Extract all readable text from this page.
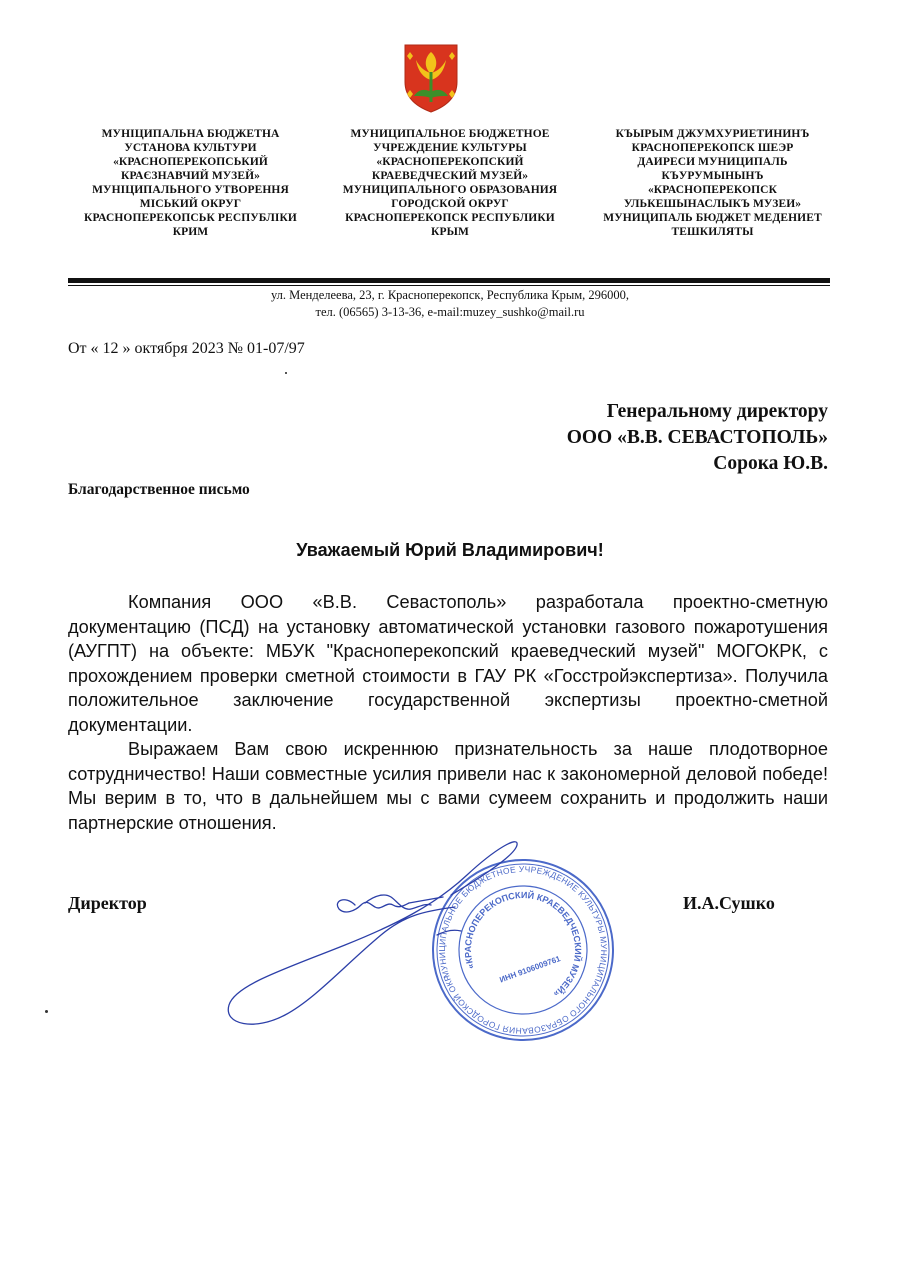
МУНІЦИПАЛЬНА БЮДЖЕТНА
УСТАНОВА КУЛЬТУРИ
«КРАСНОПЕРЕКОПСЬКИЙ
КРАЄЗНАВЧИЙ МУЗЕЙ»
МУНІЦИПАЛЬНОГО УТВОРЕННЯ
МІСЬКИЙ ОКРУГ
КРАСНОПЕРЕКОПСЬК РЕСПУБЛІКИ
КРИМ
МУНИЦИПАЛЬНОЕ БЮДЖЕТНОЕ
УЧРЕЖДЕНИЕ КУЛЬТУРЫ
«КРАСНОПЕРЕКОПСКИЙ
КРАЕВЕДЧЕСКИЙ МУЗЕЙ»
МУНИЦИПАЛЬНОГО ОБРАЗОВАНИЯ
ГОРОДСКОЙ ОКРУГ
КРАСНОПЕРЕКОПСК РЕСПУБЛИКИ
КРЫМ
КЪЫРЫМ ДЖУМХУРИЕТИНИНЪ
КРАСНОПЕРЕКОПСК ШЕЭР
ДАИРЕСИ МУНИЦИПАЛЬ
КЪУРУМЫНЫНЪ
«КРАСНОПЕРЕКОПСК
УЛЬКЕШЫНАСЛЫКЪ МУЗЕИ»
МУНИЦИПАЛЬ БЮДЖЕТ МЕДЕНИЕТ
ТЕШКИЛЯТЫ
ул. Менделеева, 23, г. Красноперекопск, Республика Крым, 296000,
тел. (06565) 3-13-36, e-mail:muzey_sushko@mail.ru
От « 12 » октября 2023 № 01-07/97
Генеральному директору
ООО «В.В. СЕВАСТОПОЛЬ»
Сорока Ю.В.
Благодарственное письмо
Уважаемый Юрий Владимирович!

Компания ООО «В.В. Севастополь» разработала проектно-сметную документацию (ПСД) на установку автоматической установки газового пожаротушения (АУГПТ) на объекте: МБУК "Красноперекопский краеведческий музей" МОГОКРК, с прохождением проверки сметной стоимости в ГАУ РК «Госстройэкспертиза». Получила положительное заключение государственной экспертизы проектно-сметной документации.

Выражаем Вам свою искреннюю признательность за наше плодотворное сотрудничество! Наши совместные усилия привели нас к закономерной деловой победе! Мы верим в то, что в дальнейшем мы с вами сумеем сохранить и продолжить наши партнерские отношения.

Директор	И.А.Сушко
МУНИЦИПАЛЬНОЕ БЮДЖЕТНОЕ УЧРЕЖДЕНИЕ КУЛЬТУРЫ МУНИЦИПАЛЬНОГО ОБРАЗОВАНИЯ ГОРОДСКОЙ ОКРУГ
«КРАСНОПЕРЕКОПСКИЙ КРАЕВЕДЧЕСКИЙ МУЗЕЙ»
ИНН 9106009761
